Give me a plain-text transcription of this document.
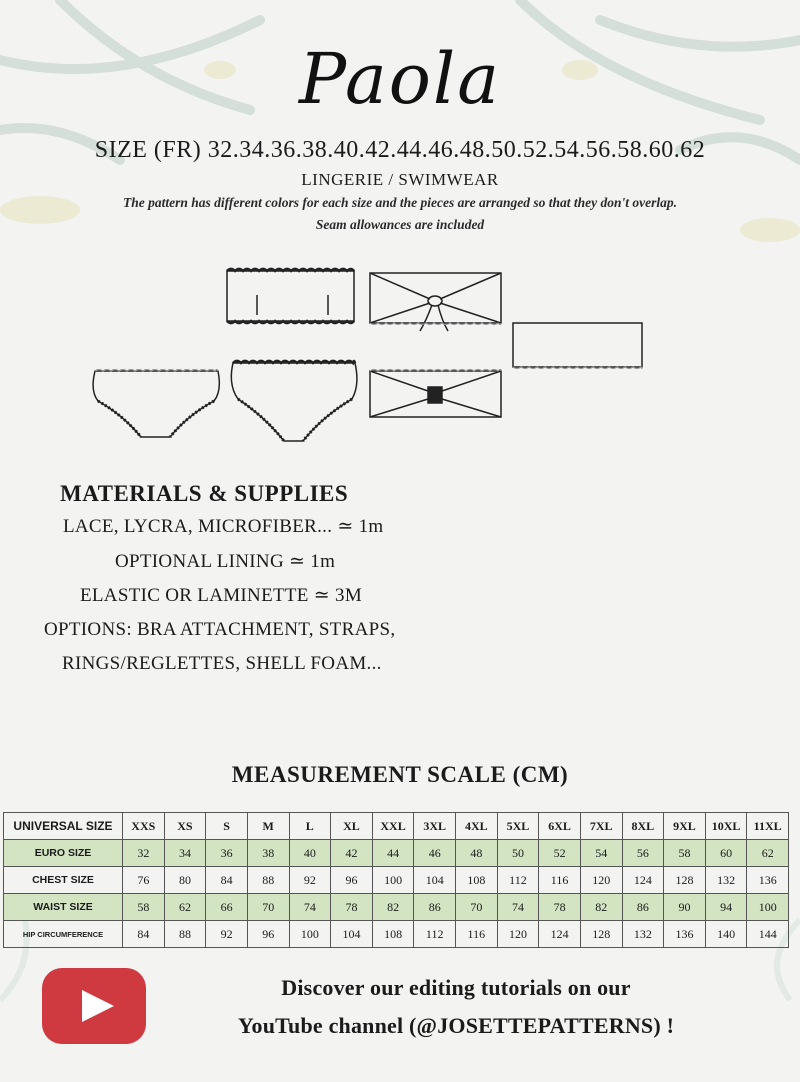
Paola
SIZE (FR) 32.34.36.38.40.42.44.46.48.50.52.54.56.58.60.62
LINGERIE / SWIMWEAR
The pattern has different colors for each size and the pieces are arranged so that they don't overlap.
Seam allowances are included
MATERIALS & SUPPLIES
LACE, LYCRA, MICROFIBER... ≃ 1m
OPTIONAL LINING ≃ 1m
ELASTIC OR LAMINETTE ≃ 3M
OPTIONS: BRA ATTACHMENT, STRAPS,
RINGS/REGLETTES, SHELL FOAM...
MEASUREMENT SCALE (CM)
UNIVERSAL SIZE	XXS	XS	S	M	L	XL	XXL	3XL	4XL	5XL	6XL	7XL	8XL	9XL	10XL	11XL
EURO SIZE	32	34	36	38	40	42	44	46	48	50	52	54	56	58	60	62
CHEST SIZE	76	80	84	88	92	96	100	104	108	112	116	120	124	128	132	136
WAIST SIZE	58	62	66	70	74	78	82	86	70	74	78	82	86	90	94	100
HIP CIRCUMFERENCE	84	88	92	96	100	104	108	112	116	120	124	128	132	136	140	144
Discover our editing tutorials on our
YouTube channel (@JOSETTEPATTERNS) !
